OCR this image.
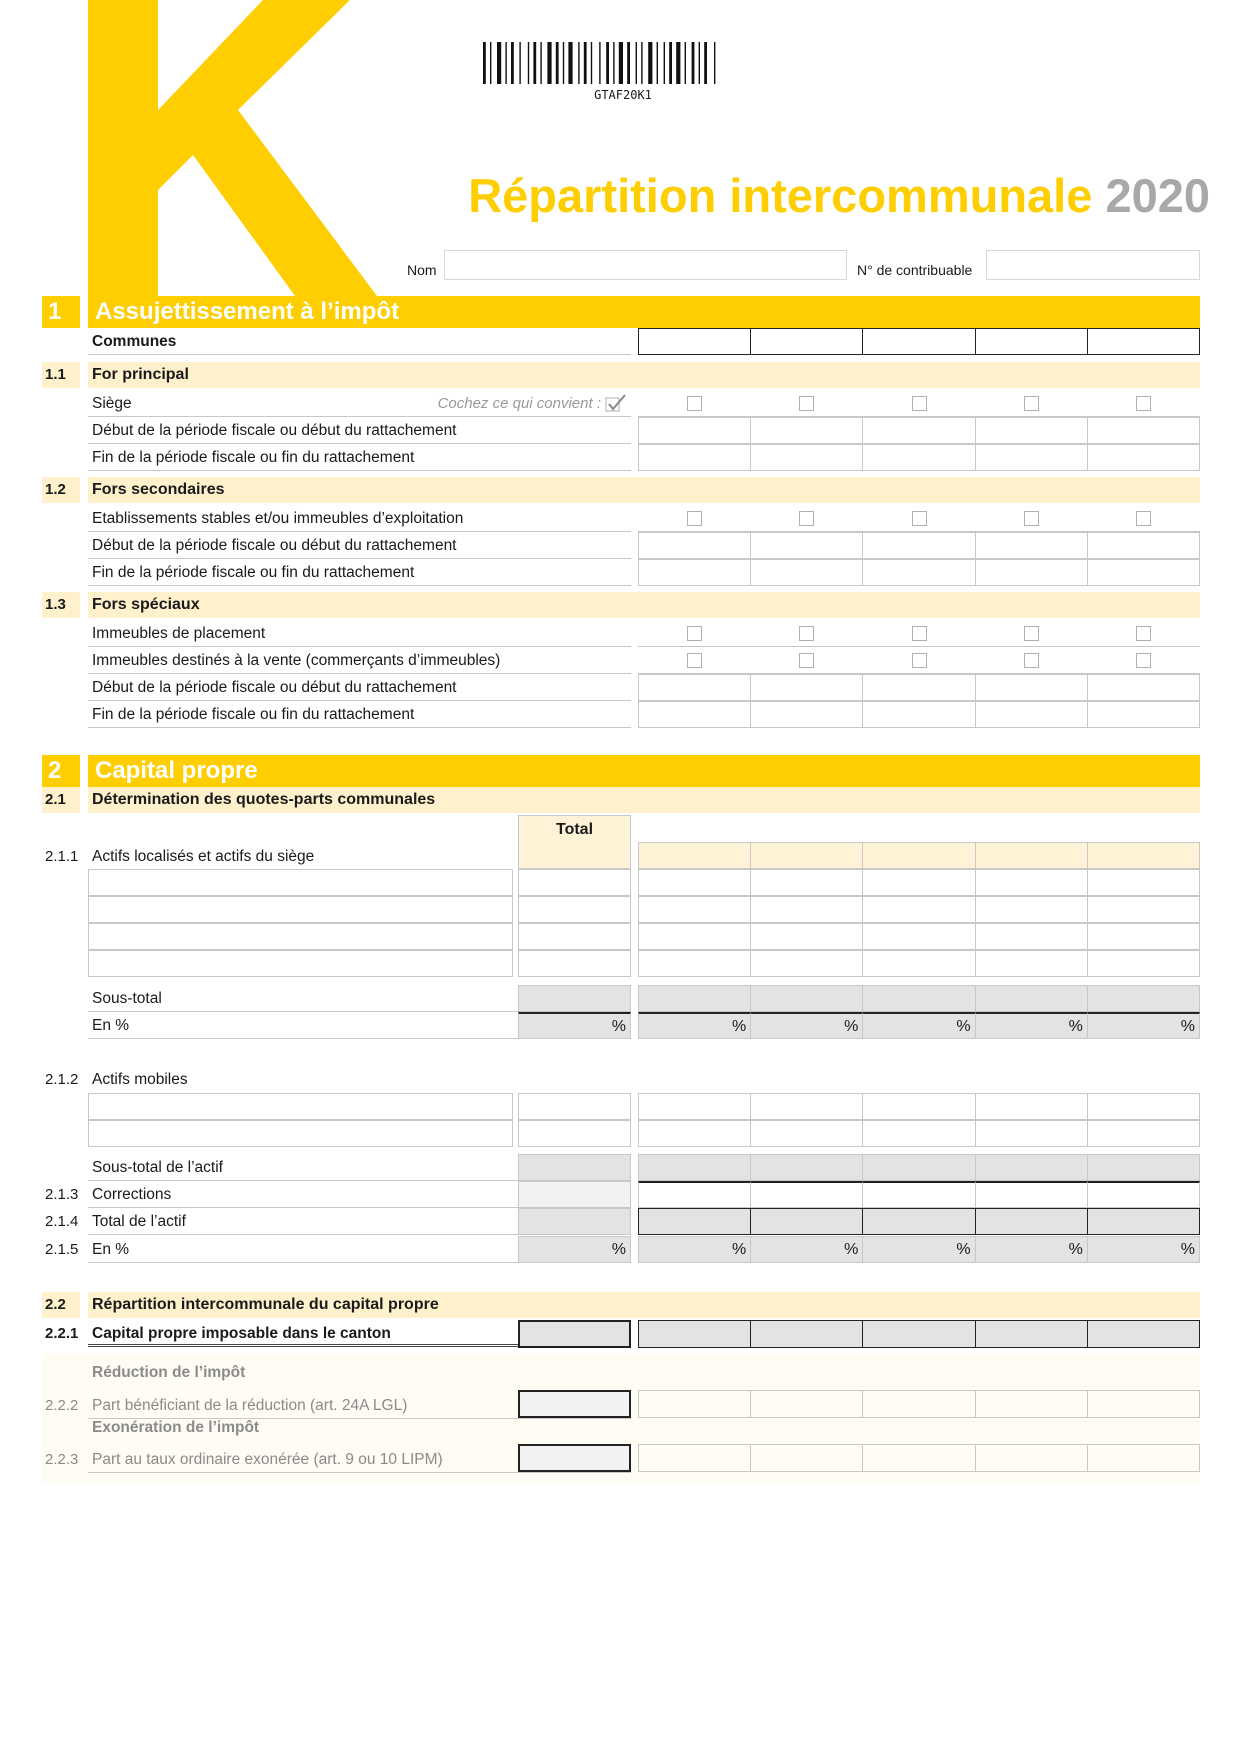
GTAF20K1
Répartition intercommunale 2020
Nom	N° de contribuable
1	Assujettissement à l’impôt
Communes
1.1 For principal
Siège	Cochez ce qui convient :
Début de la période fiscale ou début du rattachement
Fin de la période fiscale ou fin du rattachement
1.2 Fors secondaires
Etablissements stables et/ou immeubles d’exploitation
Début de la période fiscale ou début du rattachement
Fin de la période fiscale ou fin du rattachement
1.3 Fors spéciaux
Immeubles de placement
Immeubles destinés à la vente (commerçants d’immeubles)
Début de la période fiscale ou début du rattachement
Fin de la période fiscale ou fin du rattachement
2	Capital propre
2.1 Détermination des quotes-parts communales
Total
2.1.1 Actifs localisés et actifs du siège
Sous-total
En %	%	%	%	%	%	%
2.1.2 Actifs mobiles
Sous-total de l’actif
2.1.3 Corrections
2.1.4 Total de l’actif
2.1.5 En %	%	%	%	%	%	%
2.2 Répartition intercommunale du capital propre
2.2.1 Capital propre imposable dans le canton
Réduction de l’impôt
2.2.2 Part bénéficiant de la réduction (art. 24A LGL)
Exonération de l’impôt
2.2.3 Part au taux ordinaire exonérée (art. 9 ou 10 LIPM)
